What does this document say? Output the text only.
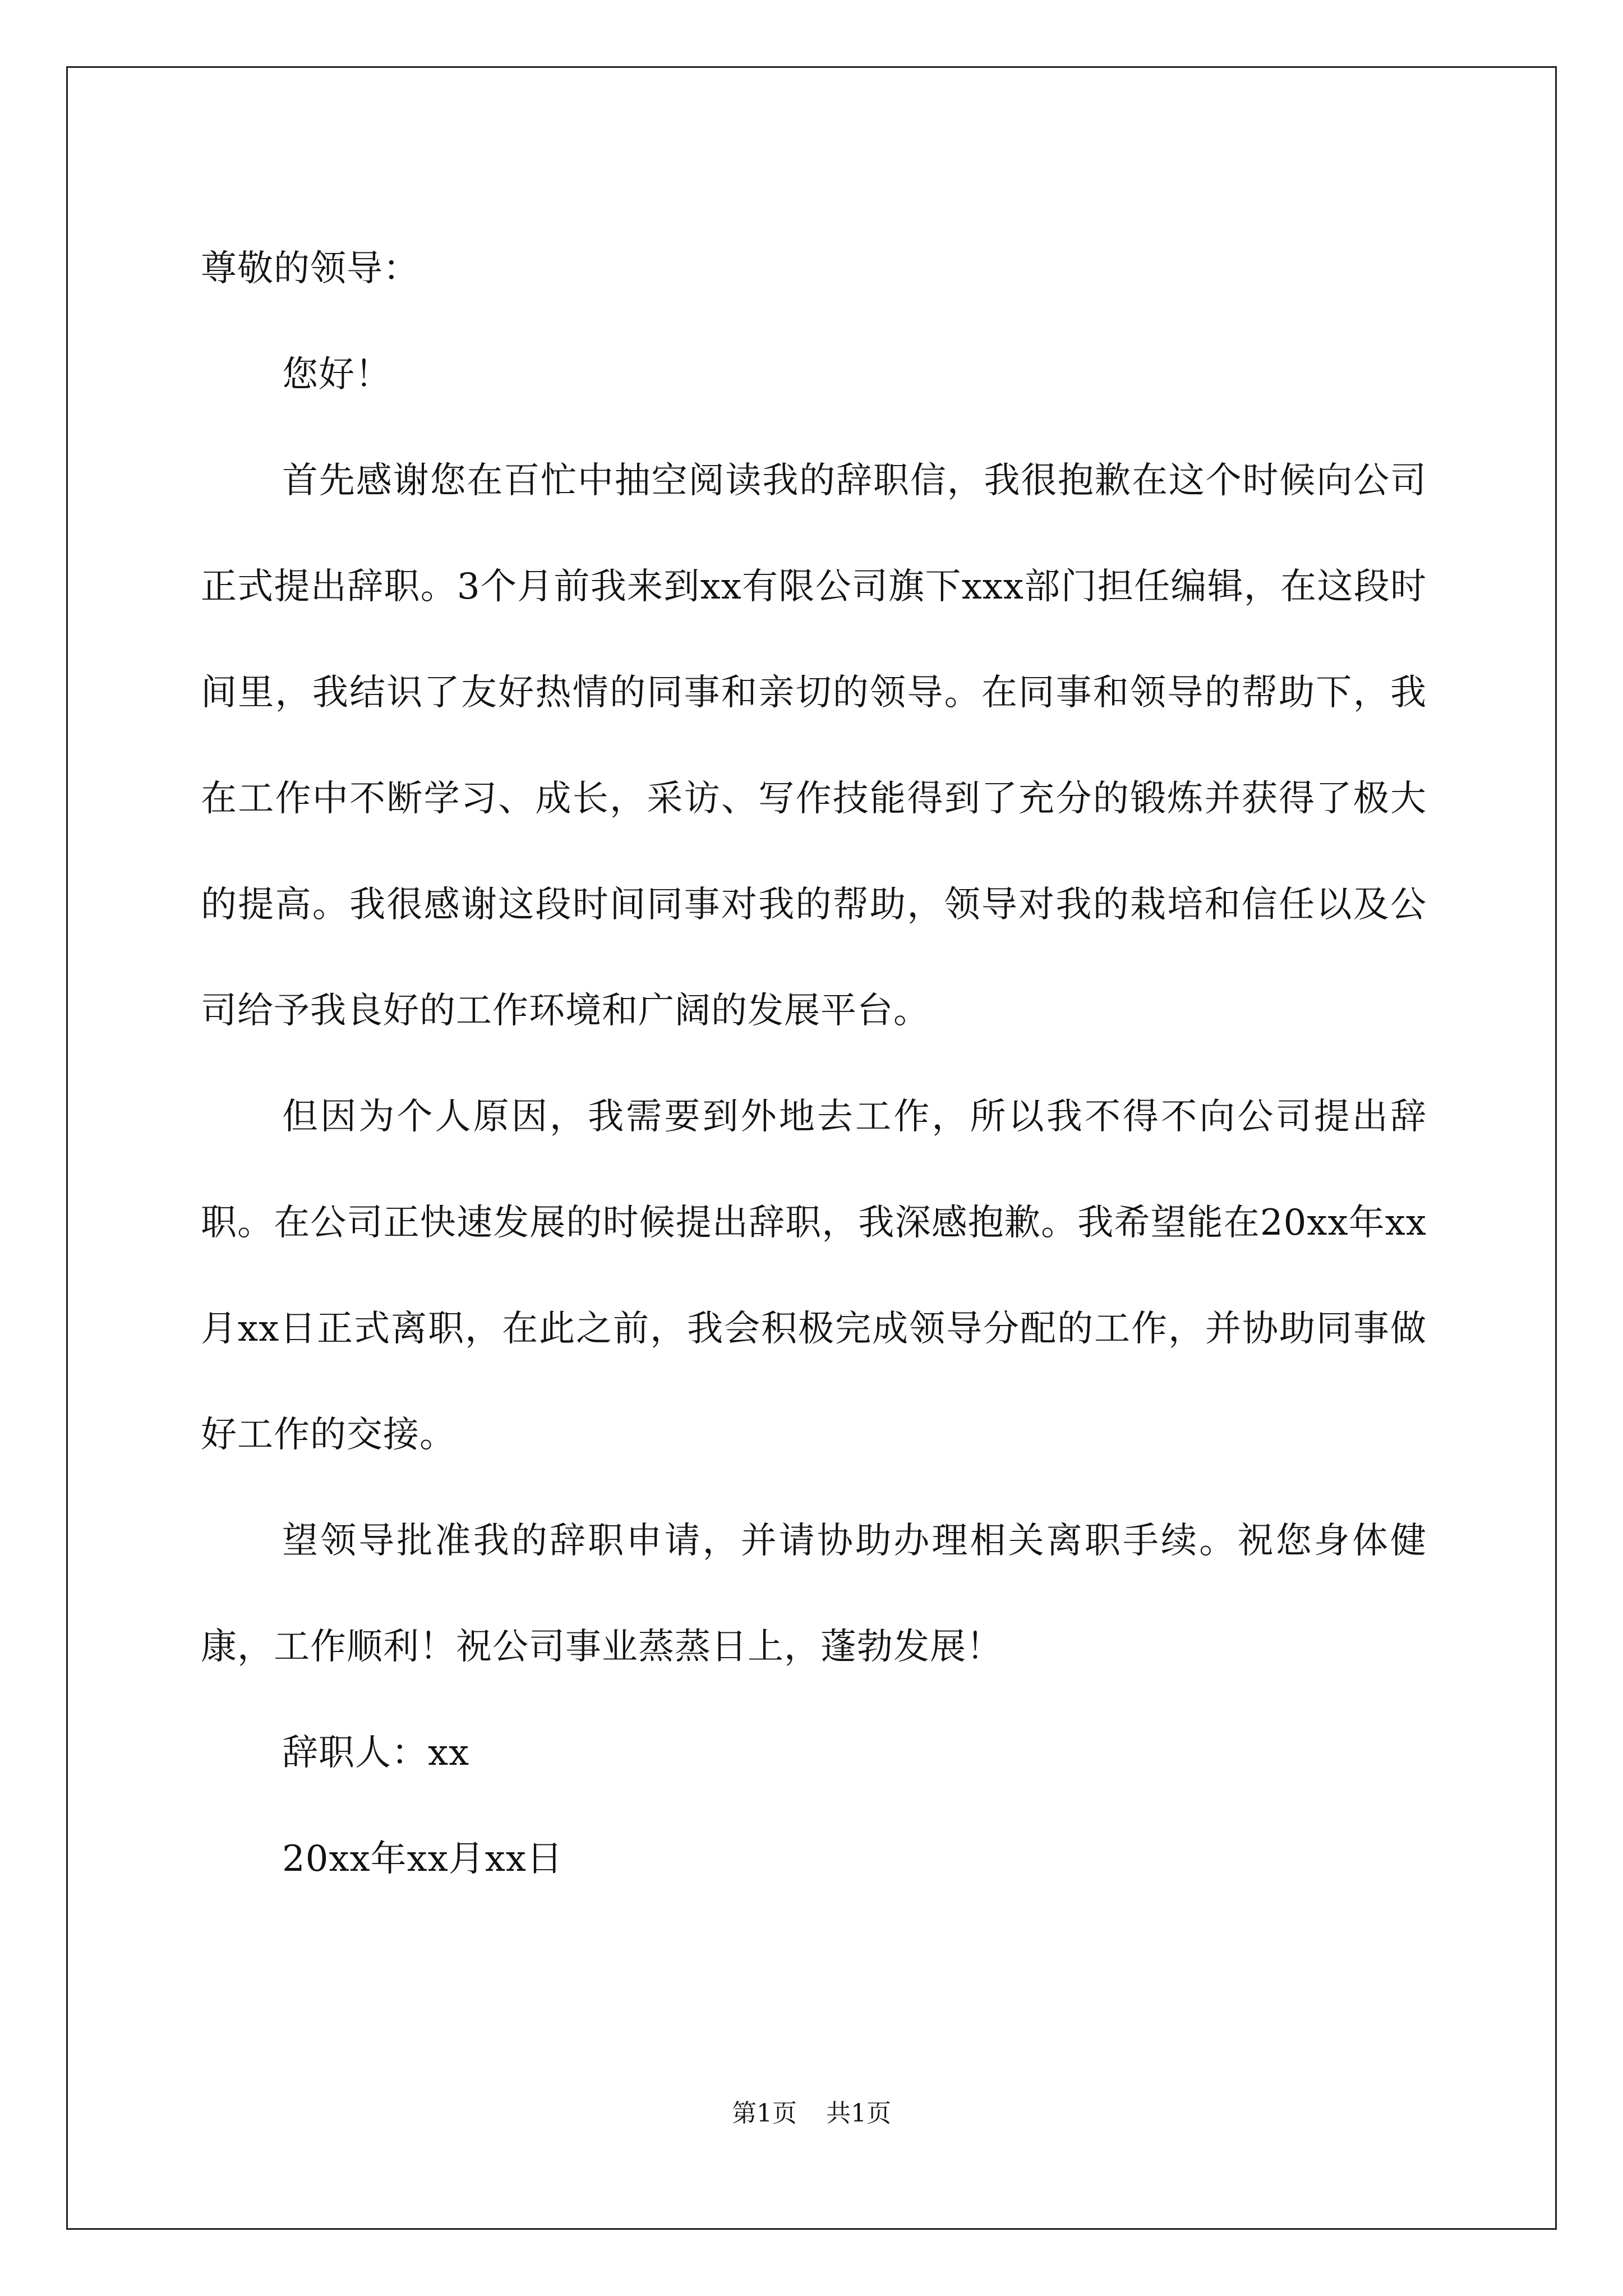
尊敬的领导：

您好！

首先感谢您在百忙中抽空阅读我的辞职信，我很抱歉在这个时候向公司正式提出辞职。3个月前我来到xx有限公司旗下xxx部门担任编辑，在这段时间里，我结识了友好热情的同事和亲切的领导。在同事和领导的帮助下，我在工作中不断学习、成长，采访、写作技能得到了充分的锻炼并获得了极大的提高。我很感谢这段时间同事对我的帮助，领导对我的栽培和信任以及公司给予我良好的工作环境和广阔的发展平台。

但因为个人原因，我需要到外地去工作，所以我不得不向公司提出辞职。在公司正快速发展的时候提出辞职，我深感抱歉。我希望能在20xx年xx月xx日正式离职，在此之前，我会积极完成领导分配的工作，并协助同事做好工作的交接。

望领导批准我的辞职申请，并请协助办理相关离职手续。祝您身体健康，工作顺利！祝公司事业蒸蒸日上，蓬勃发展！

辞职人：xx

20xx年xx月xx日

第1页 共1页
